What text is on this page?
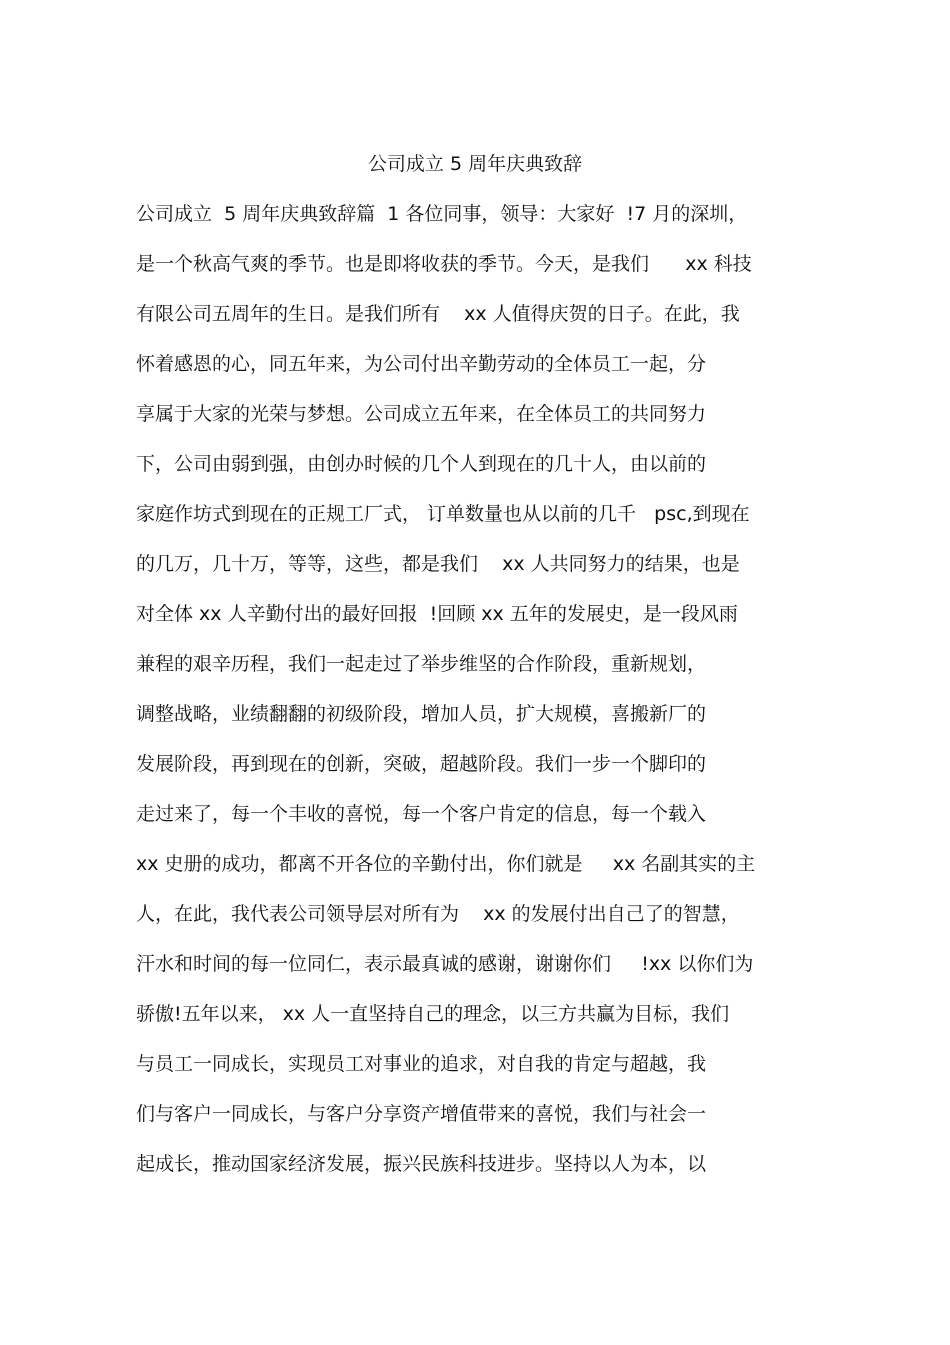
公司成立 5 周年庆典致辞
公司成立  5 周年庆典致辞篇  1 各位同事，领导：大家好  !7 月的深圳，
是一个秋高气爽的季节。也是即将收获的季节。今天，是我们      xx 科技
有限公司五周年的生日。是我们所有    xx 人值得庆贺的日子。在此，我
怀着感恩的心，同五年来，为公司付出辛勤劳动的全体员工一起，分
享属于大家的光荣与梦想。公司成立五年来，在全体员工的共同努力
下，公司由弱到强，由创办时候的几个人到现在的几十人，由以前的
家庭作坊式到现在的正规工厂式， 订单数量也从以前的几千   psc,到现在
的几万，几十万，等等，这些，都是我们    xx 人共同努力的结果，也是
对全体 xx 人辛勤付出的最好回报  !回顾 xx 五年的发展史，是一段风雨
兼程的艰辛历程，我们一起走过了举步维坚的合作阶段，重新规划，
调整战略，业绩翻翻的初级阶段，增加人员，扩大规模，喜搬新厂的
发展阶段，再到现在的创新，突破，超越阶段。我们一步一个脚印的
走过来了，每一个丰收的喜悦，每一个客户肯定的信息，每一个载入
xx 史册的成功，都离不开各位的辛勤付出，你们就是     xx 名副其实的主
人，在此，我代表公司领导层对所有为    xx 的发展付出自己了的智慧，
汗水和时间的每一位同仁，表示最真诚的感谢，谢谢你们     !xx 以你们为
骄傲!五年以来， xx 人一直坚持自己的理念，以三方共赢为目标，我们
与员工一同成长，实现员工对事业的追求，对自我的肯定与超越，我
们与客户一同成长，与客户分享资产增值带来的喜悦，我们与社会一
起成长，推动国家经济发展，振兴民族科技进步。坚持以人为本，以
